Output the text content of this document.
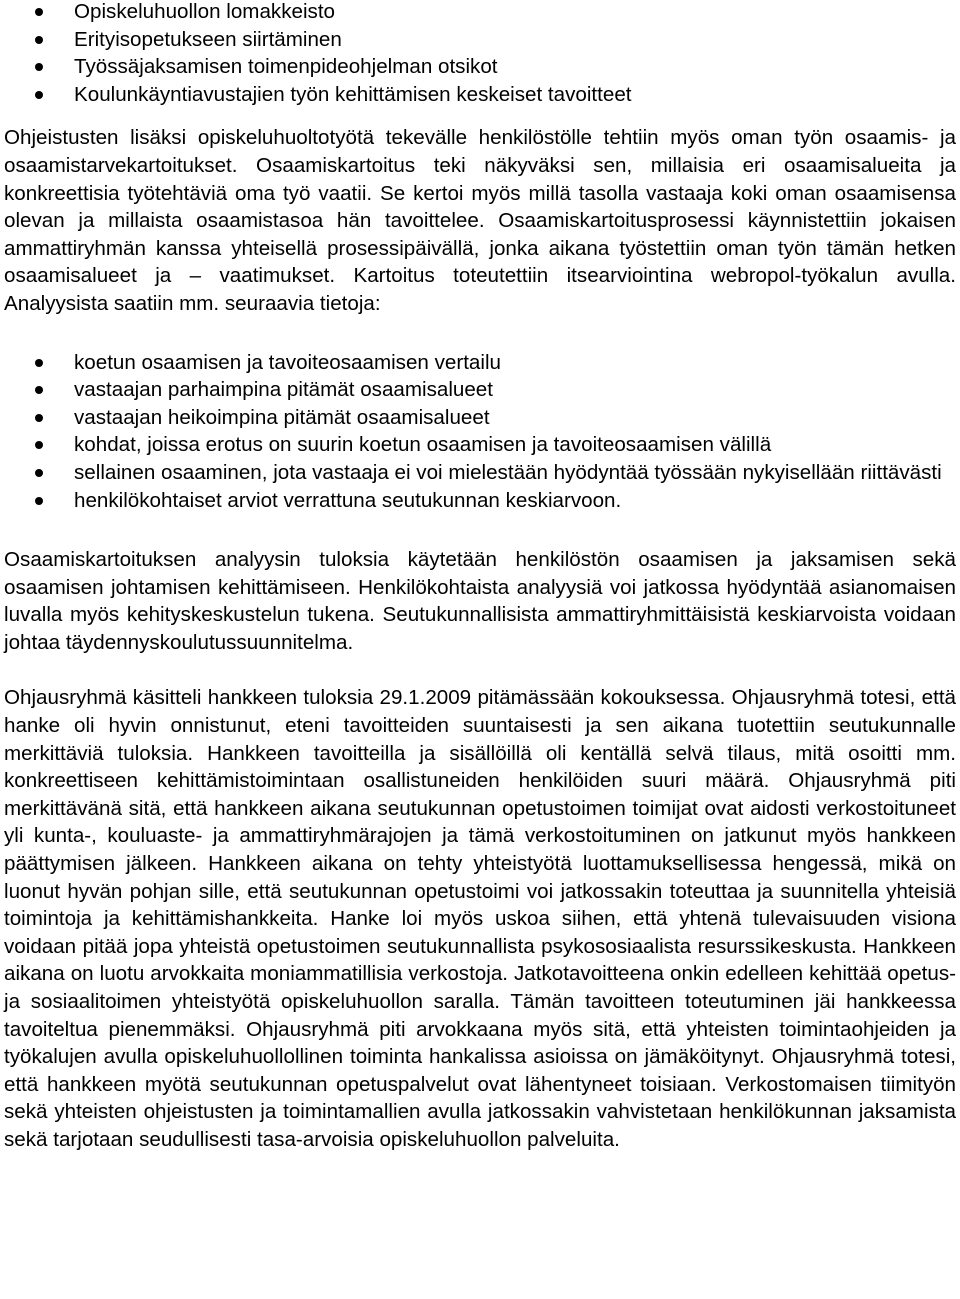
Opiskeluhuollon lomakkeisto
Erityisopetukseen siirtäminen
Työssäjaksamisen toimenpideohjelman otsikot
Koulunkäyntiavustajien työn kehittämisen keskeiset tavoitteet

Ohjeistusten lisäksi opiskeluhuoltotyötä tekevälle henkilöstölle tehtiin myös oman työn osaamis- ja osaamistarvekartoitukset. Osaamiskartoitus teki näkyväksi sen, millaisia eri osaamisalueita ja konkreettisia työtehtäviä oma työ vaatii. Se kertoi myös millä tasolla vastaaja koki oman osaamisensa olevan ja millaista osaamistasoa hän tavoittelee. Osaamiskartoitusprosessi käynnistettiin jokaisen ammattiryhmän kanssa yhteisellä prosessipäivällä, jonka aikana työstettiin oman työn tämän hetken osaamisalueet ja – vaatimukset. Kartoitus toteutettiin itsearviointina webropol-työkalun avulla. Analyysista saatiin mm. seuraavia tietoja:

koetun osaamisen ja tavoiteosaamisen vertailu
vastaajan parhaimpina pitämät osaamisalueet
vastaajan heikoimpina pitämät osaamisalueet
kohdat, joissa erotus on suurin koetun osaamisen ja tavoiteosaamisen välillä
sellainen osaaminen, jota vastaaja ei voi mielestään hyödyntää työssään nykyisellään riittävästi
henkilökohtaiset arviot verrattuna seutukunnan keskiarvoon.

Osaamiskartoituksen analyysin tuloksia käytetään henkilöstön osaamisen ja jaksamisen sekä osaamisen johtamisen kehittämiseen. Henkilökohtaista analyysiä voi jatkossa hyödyntää asianomaisen luvalla myös kehityskeskustelun tukena. Seutukunnallisista ammattiryhmittäisistä keskiarvoista voidaan johtaa täydennyskoulutussuunnitelma.

Ohjausryhmä käsitteli hankkeen tuloksia 29.1.2009 pitämässään kokouksessa. Ohjausryhmä totesi, että hanke oli hyvin onnistunut, eteni tavoitteiden suuntaisesti ja sen aikana tuotettiin seutukunnalle merkittäviä tuloksia. Hankkeen tavoitteilla ja sisällöillä oli kentällä selvä tilaus, mitä osoitti mm. konkreettiseen kehittämistoimintaan osallistuneiden henkilöiden suuri määrä. Ohjausryhmä piti merkittävänä sitä, että hankkeen aikana seutukunnan opetustoimen toimijat ovat aidosti verkostoituneet yli kunta-, kouluaste- ja ammattiryhmärajojen ja tämä verkostoituminen on jatkunut myös hankkeen päättymisen jälkeen. Hankkeen aikana on tehty yhteistyötä luottamuksellisessa hengessä, mikä on luonut hyvän pohjan sille, että seutukunnan opetustoimi voi jatkossakin toteuttaa ja suunnitella yhteisiä toimintoja ja kehittämishankkeita. Hanke loi myös uskoa siihen, että yhtenä tulevaisuuden visiona voidaan pitää jopa yhteistä opetustoimen seutukunnallista psykososiaalista resurssikeskusta. Hankkeen aikana on luotu arvokkaita moniammatillisia verkostoja. Jatkotavoitteena onkin edelleen kehittää opetus- ja sosiaalitoimen yhteistyötä opiskeluhuollon saralla. Tämän tavoitteen toteutuminen jäi hankkeessa tavoiteltua pienemmäksi. Ohjausryhmä piti arvokkaana myös sitä, että yhteisten toimintaohjeiden ja työkalujen avulla opiskeluhuollollinen toiminta hankalissa asioissa on jämäköitynyt. Ohjausryhmä totesi, että hankkeen myötä seutukunnan opetuspalvelut ovat lähentyneet toisiaan. Verkostomaisen tiimityön sekä yhteisten ohjeistusten ja toimintamallien avulla jatkossakin vahvistetaan henkilökunnan jaksamista sekä tarjotaan seudullisesti tasa-arvoisia opiskeluhuollon palveluita.
